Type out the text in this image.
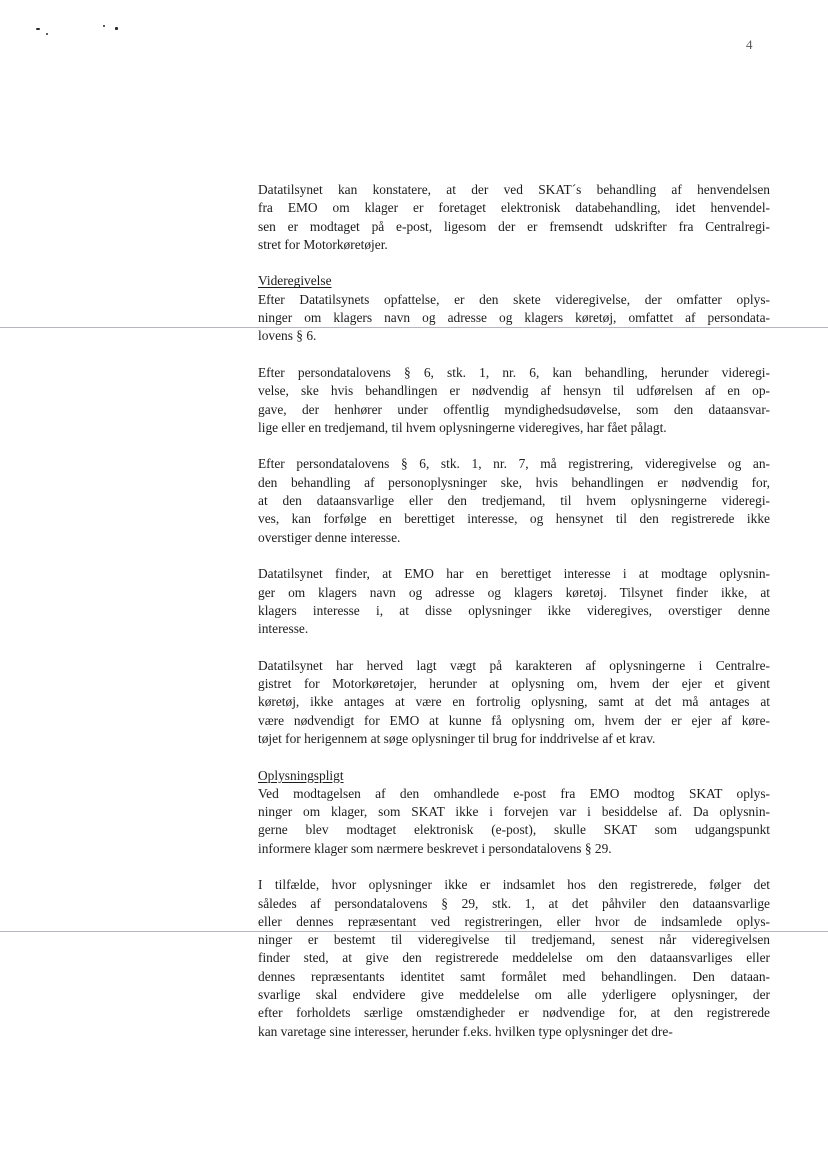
4
Datatilsynet kan konstatere, at der ved SKAT´s behandling af henvendelsen
fra EMO om klager er foretaget elektronisk databehandling, idet henvendel-
sen er modtaget på e-post, ligesom der er fremsendt udskrifter fra Centralregi-
stret for Motorkøretøjer.
Videregivelse
Efter Datatilsynets opfattelse, er den skete videregivelse, der omfatter oplys-
ninger om klagers navn og adresse og klagers køretøj, omfattet af persondata-
lovens § 6.
Efter persondatalovens § 6, stk. 1, nr. 6, kan behandling, herunder videregi-
velse, ske hvis behandlingen er nødvendig af hensyn til udførelsen af en op-
gave, der henhører under offentlig myndighedsudøvelse, som den dataansvar-
lige eller en tredjemand, til hvem oplysningerne videregives, har fået pålagt.
Efter persondatalovens § 6, stk. 1, nr. 7, må registrering, videregivelse og an-
den behandling af personoplysninger ske, hvis behandlingen er nødvendig for,
at den dataansvarlige eller den tredjemand, til hvem oplysningerne videregi-
ves, kan forfølge en berettiget interesse, og hensynet til den registrerede ikke
overstiger denne interesse.
Datatilsynet finder, at EMO har en berettiget interesse i at modtage oplysnin-
ger om klagers navn og adresse og klagers køretøj. Tilsynet finder ikke, at
klagers interesse i, at disse oplysninger ikke videregives, overstiger denne
interesse.
Datatilsynet har herved lagt vægt på karakteren af oplysningerne i Centralre-
gistret for Motorkøretøjer, herunder at oplysning om, hvem der ejer et givent
køretøj, ikke antages at være en fortrolig oplysning, samt at det må antages at
være nødvendigt for EMO at kunne få oplysning om, hvem der er ejer af køre-
tøjet for herigennem at søge oplysninger til brug for inddrivelse af et krav.
Oplysningspligt
Ved modtagelsen af den omhandlede e-post fra EMO modtog SKAT oplys-
ninger om klager, som SKAT ikke i forvejen var i besiddelse af. Da oplysnin-
gerne blev modtaget elektronisk (e-post), skulle SKAT som udgangspunkt
informere klager som nærmere beskrevet i persondatalovens § 29.
I tilfælde, hvor oplysninger ikke er indsamlet hos den registrerede, følger det
således af persondatalovens § 29, stk. 1, at det påhviler den dataansvarlige
eller dennes repræsentant ved registreringen, eller hvor de indsamlede oplys-
ninger er bestemt til videregivelse til tredjemand, senest når videregivelsen
finder sted, at give den registrerede meddelelse om den dataansvarliges eller
dennes repræsentants identitet samt formålet med behandlingen. Den dataan-
svarlige skal endvidere give meddelelse om alle yderligere oplysninger, der
efter forholdets særlige omstændigheder er nødvendige for, at den registrerede
kan varetage sine interesser, herunder f.eks. hvilken type oplysninger det dre-
